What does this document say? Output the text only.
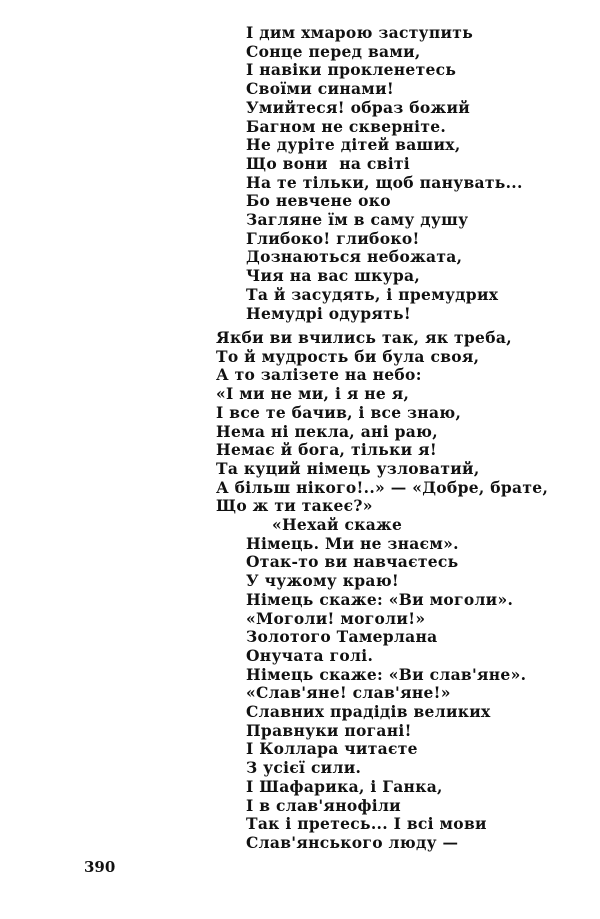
І дим хмарою заступить
Сонце перед вами,
І навіки прокленетесь
Своїми синами!
Умийтеся! образ божий
Багном не скверніте.
Не дуріте дітей ваших,
Що вони  на світі
На те тільки, щоб панувать...
Бо невчене око
Загляне їм в саму душу
Глибоко! глибоко!
Дознаються небожата,
Чия на вас шкура,
Та й засудять, і премудрих
Немудрі одурять!
Якби ви вчились так, як треба,
То й мудрость би була своя,
А то залізете на небо:
«І ми не ми, і я не я,
І все те бачив, і все знаю,
Нема ні пекла, ані раю,
Немає й бога, тільки я!
Та куций німець узловатий,
А більш нікого!..» — «Добре, брате,
Що ж ти такеє?»
«Нехай скаже
Німець. Ми не знаєм».
Отак-то ви навчаєтесь
У чужому краю!
Німець скаже: «Ви моголи».
«Моголи! моголи!»
Золотого Тамерлана
Онучата голі.
Німець скаже: «Ви слав'яне».
«Слав'яне! слав'яне!»
Славних прадідів великих
Правнуки погані!
І Коллара читаєте
З усієї сили.
І Шафарика, і Ганка,
І в слав'янофіли
Так і претесь... І всі мови
Слав'янського люду —
390
